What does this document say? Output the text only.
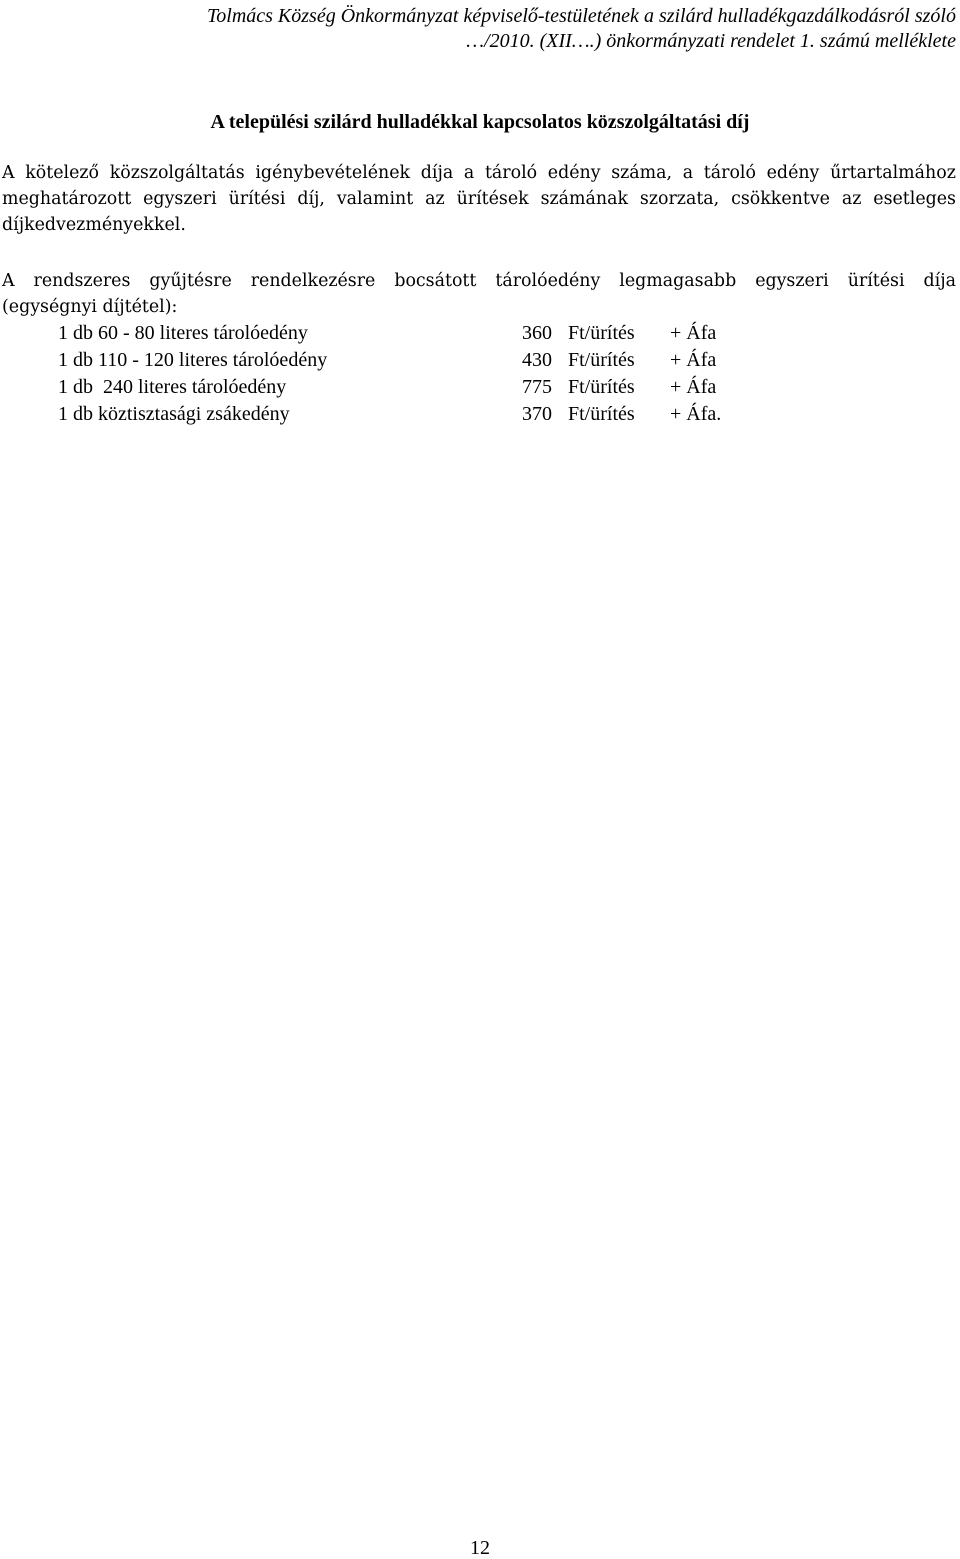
Tolmács Község Önkormányzat képviselő-testületének a szilárd hulladékgazdálkodásról szóló
…/2010. (XII….) önkormányzati rendelet 1. számú melléklete
A települési szilárd hulladékkal kapcsolatos közszolgáltatási díj
A kötelező közszolgáltatás igénybevételének díja a tároló edény száma, a tároló edény űrtartalmához
meghatározott egyszeri ürítési díj, valamint az ürítések számának szorzata, csökkentve az esetleges
díjkedvezményekkel.
A rendszeres gyűjtésre rendelkezésre bocsátott tárolóedény legmagasabb egyszeri ürítési díja
(egységnyi díjtétel):
1 db 60 - 80 literes tárolóedény	360 Ft/ürítés + Áfa
1 db 110 - 120 literes tárolóedény	430 Ft/ürítés + Áfa
1 db  240 literes tárolóedény	775 Ft/ürítés + Áfa
1 db köztisztasági zsákedény	370 Ft/ürítés + Áfa.
12
